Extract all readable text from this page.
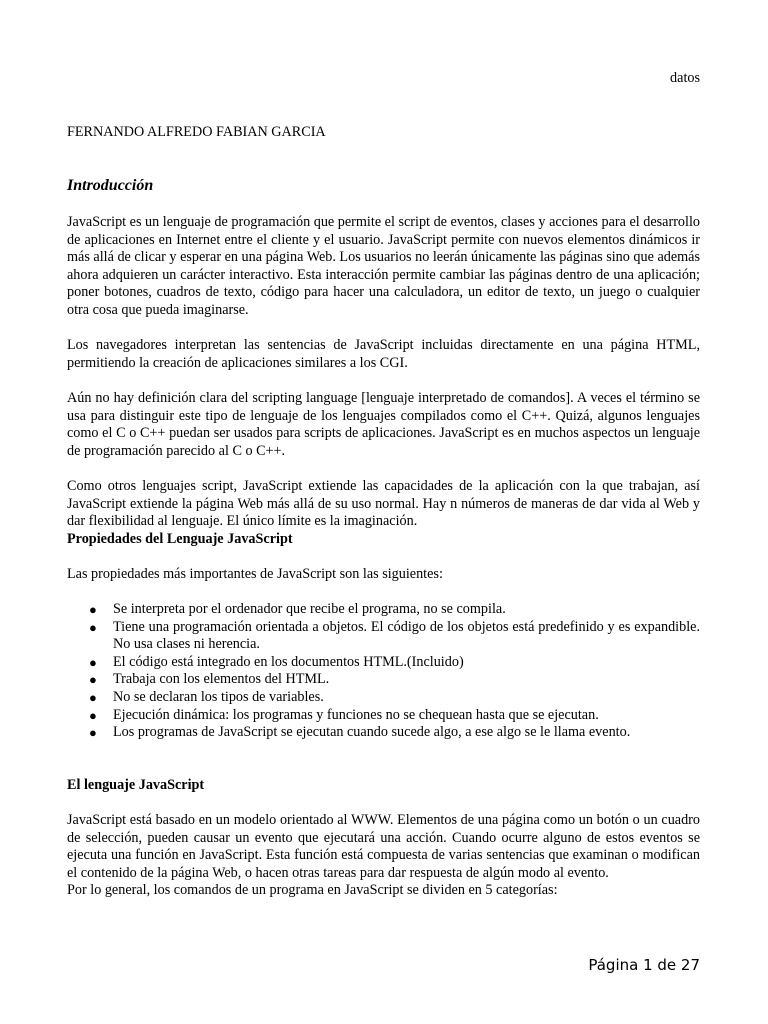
datos
FERNANDO ALFREDO FABIAN GARCIA
Introducción

JavaScript es un lenguaje de programación que permite el script de eventos, clases y acciones para el desarrollo de aplicaciones en Internet entre el cliente y el usuario. JavaScript permite con nuevos elementos dinámicos ir más allá de clicar y esperar en una página Web. Los usuarios no leerán únicamente las páginas sino que además ahora adquieren un carácter interactivo. Esta interacción permite cambiar las páginas dentro de una aplicación; poner botones, cuadros de texto, código para hacer una calculadora, un editor de texto, un juego o cualquier otra cosa que pueda imaginarse.

Los navegadores interpretan las sentencias de JavaScript incluidas directamente en una página HTML, permitiendo la creación de aplicaciones similares a los CGI.

Aún no hay definición clara del scripting language [lenguaje interpretado de comandos]. A veces el término se usa para distinguir este tipo de lenguaje de los lenguajes compilados como el C++. Quizá, algunos lenguajes como el C o C++ puedan ser usados para scripts de aplicaciones. JavaScript es en muchos aspectos un lenguaje de programación parecido al C o C++.

Como otros lenguajes script, JavaScript extiende las capacidades de la aplicación con la que trabajan, así JavaScript extiende la página Web más allá de su uso normal. Hay n números de maneras de dar vida al Web y dar flexibilidad al lenguaje. El único límite es la imaginación.

Propiedades del Lenguaje JavaScript

Las propiedades más importantes de JavaScript son las siguientes:

● Se interpreta por el ordenador que recibe el programa, no se compila.
● Tiene una programación orientada a objetos. El código de los objetos está predefinido y es expandible. No usa clases ni herencia.
● El código está integrado en los documentos HTML.(Incluido)
● Trabaja con los elementos del HTML.
● No se declaran los tipos de variables.
● Ejecución dinámica: los programas y funciones no se chequean hasta que se ejecutan.
● Los programas de JavaScript se ejecutan cuando sucede algo, a ese algo se le llama evento.

El lenguaje JavaScript

JavaScript está basado en un modelo orientado al WWW. Elementos de una página como un botón o un cuadro de selección, pueden causar un evento que ejecutará una acción. Cuando ocurre alguno de estos eventos se ejecuta una función en JavaScript. Esta función está compuesta de varias sentencias que examinan o modifican el contenido de la página Web, o hacen otras tareas para dar respuesta de algún modo al evento.

Por lo general, los comandos de un programa en JavaScript se dividen en 5 categorías:

Página 1 de 27
